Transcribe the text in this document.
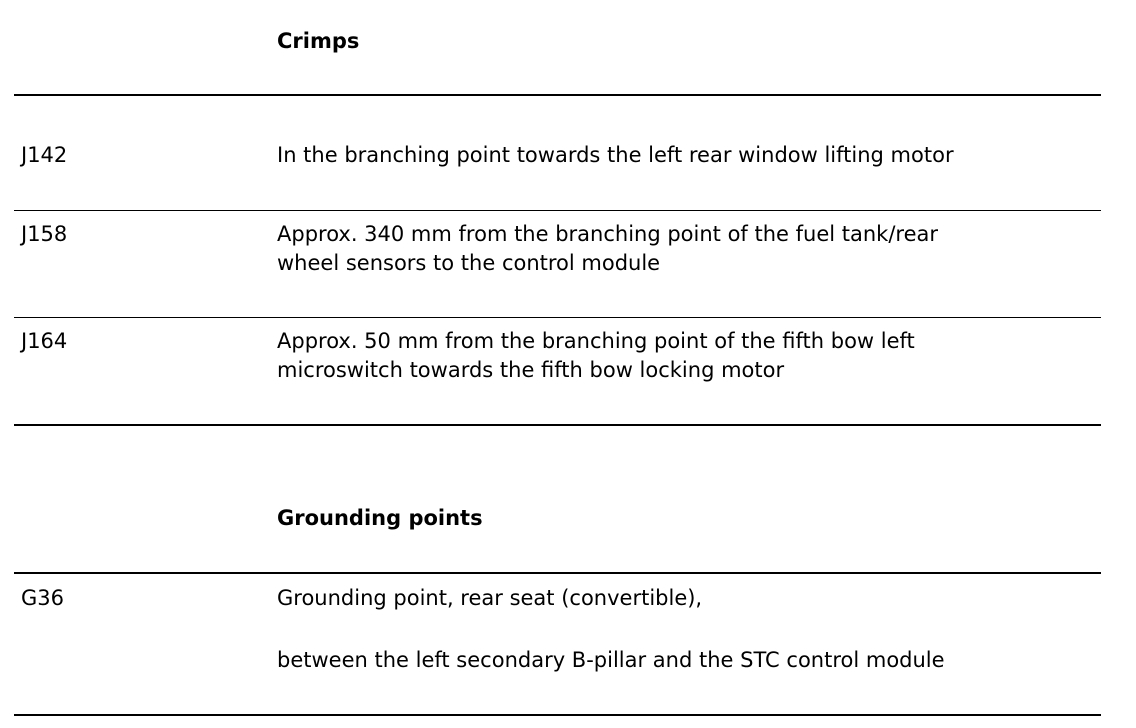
Crimps
J142	In the branching point towards the left rear window lifting motor
J158	Approx. 340 mm from the branching point of the fuel tank/rear
wheel sensors to the control module
J164	Approx. 50 mm from the branching point of the fifth bow left
microswitch towards the fifth bow locking motor
Grounding points
G36	Grounding point, rear seat (convertible),
between the left secondary B-pillar and the STC control module
